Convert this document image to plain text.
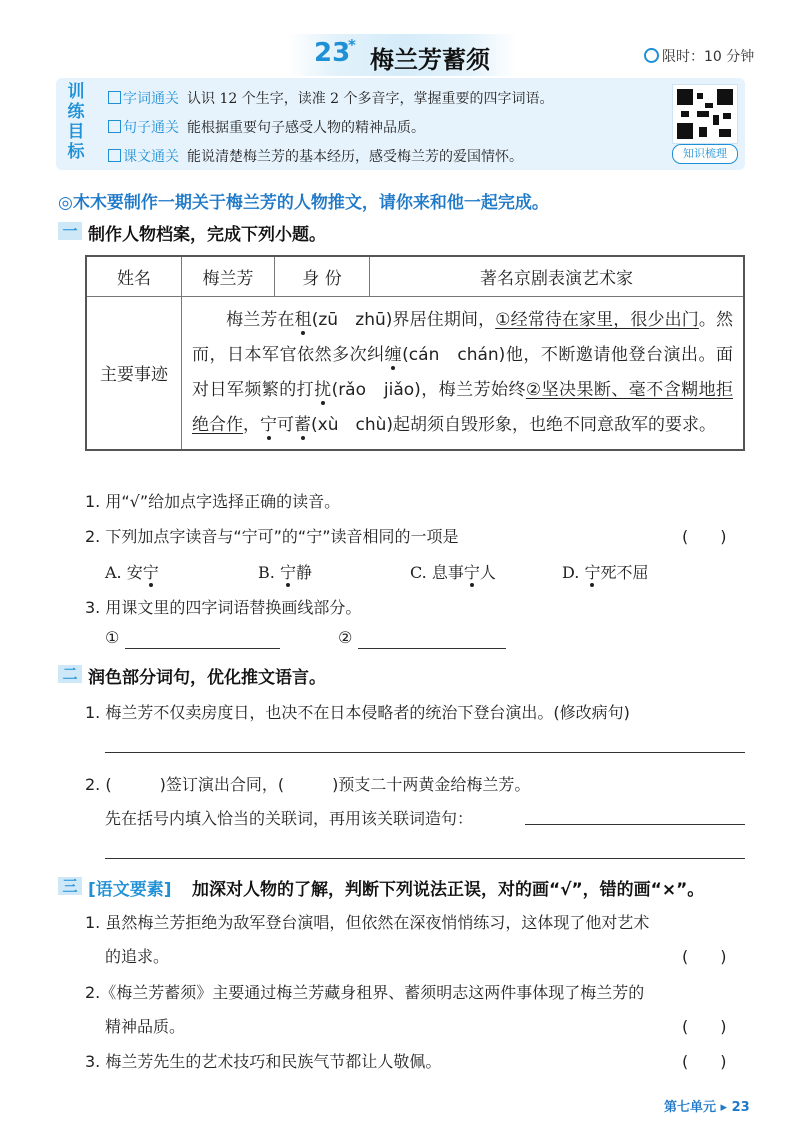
23
*
梅兰芳蓄须	限时：10 分钟
训
练
目
标
字词通关 认识 12 个生字，读准 2 个多音字，掌握重要的四字词语。
句子通关 能根据重要句子感受人物的精神品质。
课文通关 能说清楚梅兰芳的基本经历，感受梅兰芳的爱国情怀。	知识梳理
◎木木要制作一期关于梅兰芳的人物推文，请你来和他一起完成。
一 制作人物档案，完成下列小题。
姓名	梅兰芳	身 份	著名京剧表演艺术家
主要事迹	梅兰芳在租(zū　zhū)界居住期间，①经常待在家里，很少出门。然而，日本军官依然多次纠缠(cán　chán)他，不断邀请他登台演出。面对日军频繁的打扰(rǎo　jiǎo)，梅兰芳始终②坚决果断、毫不含糊地拒绝合作，宁可蓄(xù　chù)起胡须自毁形象，也绝不同意敌军的要求。		
1. 用“√”给加点字选择正确的读音。
2. 下列加点字读音与“宁可”的“宁”读音相同的一项是	(　　)
A. 安宁	B. 宁静	C. 息事宁人	D. 宁死不屈
3. 用课文里的四字词语替换画线部分。
①	②
二 润色部分词句，优化推文语言。
1. 梅兰芳不仅卖房度日，也决不在日本侵略者的统治下登台演出。(修改病句)
2. (　　　)签订演出合同，(　　　)预支二十两黄金给梅兰芳。
先在括号内填入恰当的关联词，再用该关联词造句：
三 [语文要素] 加深对人物的了解，判断下列说法正误，对的画“√”，错的画“×”。
1. 虽然梅兰芳拒绝为敌军登台演唱，但依然在深夜悄悄练习，这体现了他对艺术
的追求。	(　　)
2.《梅兰芳蓄须》主要通过梅兰芳藏身租界、蓄须明志这两件事体现了梅兰芳的
精神品质。	(　　)
3. 梅兰芳先生的艺术技巧和民族气节都让人敬佩。	(　　)
第七单元 ▸ 23
